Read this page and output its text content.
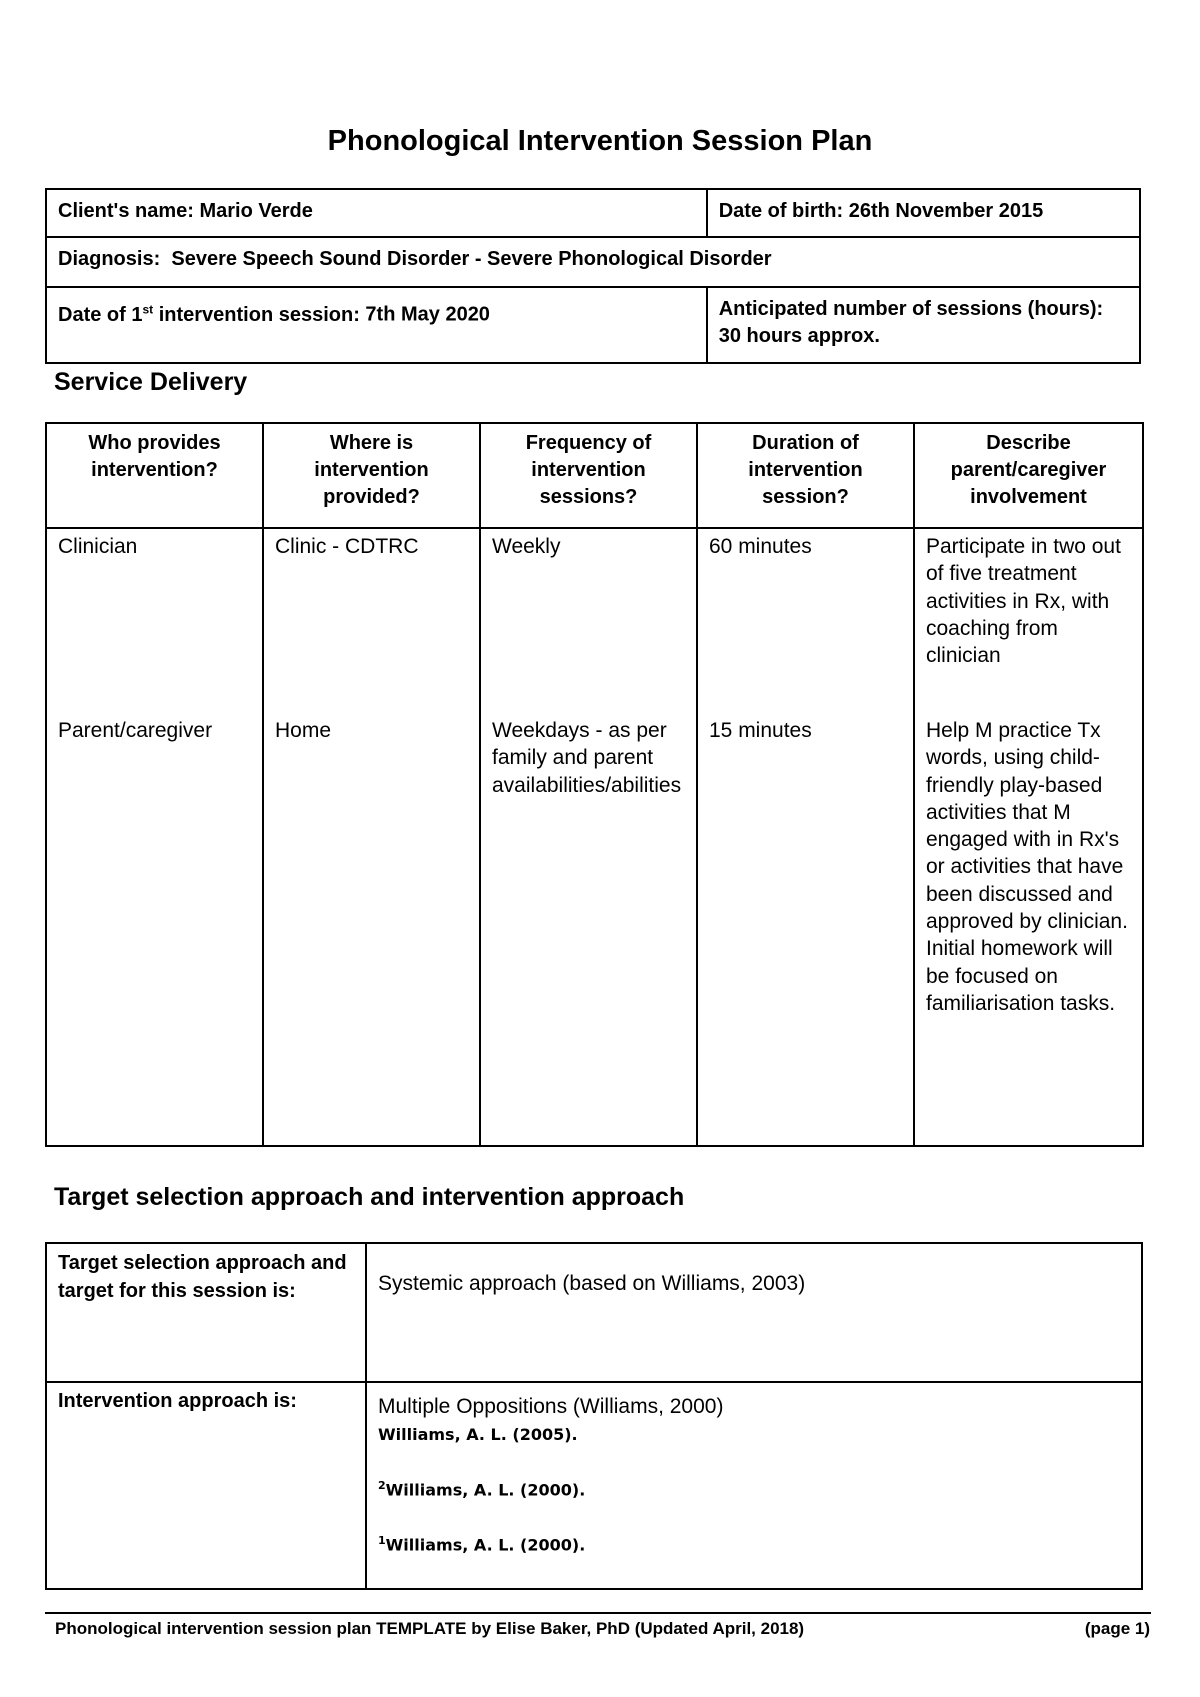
Phonological Intervention Session Plan
Client's name: Mario Verde	Date of birth: 26th November 2015
Diagnosis: Severe Speech Sound Disorder - Severe Phonological Disorder	
Date of 1st intervention session: 7th May 2020	Anticipated number of sessions (hours): 30 hours approx.
Service Delivery
Who provides intervention?	Where is intervention provided?	Frequency of intervention sessions?	Duration of intervention session?	Describe parent/caregiver involvement
Clinician	Clinic - CDTRC	Weekly	60 minutes	Participate in two out of five treatment activities in Rx, with coaching from clinician
Parent/caregiver	Home	Weekdays - as per family and parent availabilities/abilities	15 minutes	Help M practice Tx words, using child-friendly play-based activities that M engaged with in Rx's or activities that have been discussed and approved by clinician. Initial homework will be focused on familiarisation tasks.
Target selection approach and intervention approach
Target selection approach and target for this session is:	Systemic approach (based on Williams, 2003)
Intervention approach is:	Multiple Oppositions (Williams, 2000)
Williams, A. L. (2005).
$^2$Williams, A. L. (2000).
$^1$Williams, A. L. (2000).
Phonological intervention session plan TEMPLATE by Elise Baker, PhD (Updated April, 2018)	(page 1)
